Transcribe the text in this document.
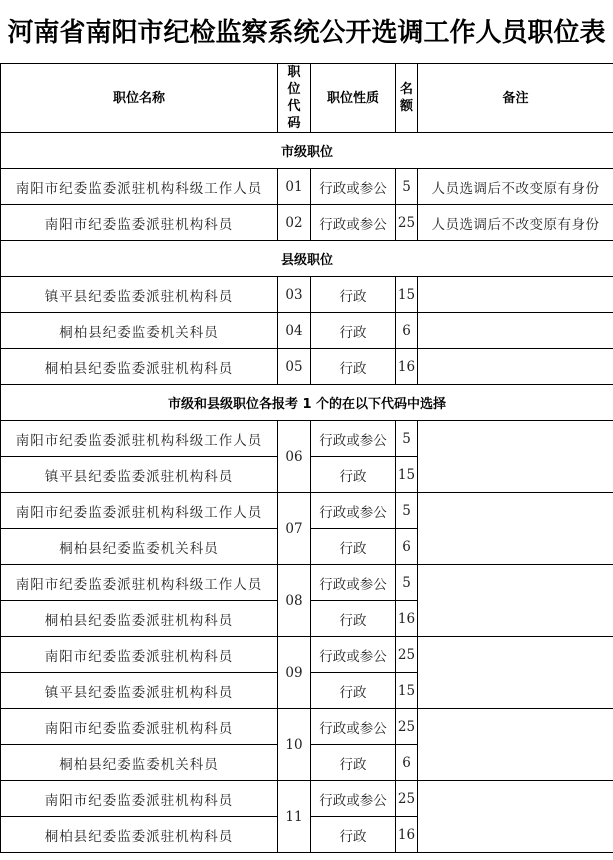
河南省南阳市纪检监察系统公开选调工作人员职位表
职位名称	职位代码	职位性质	名额	备注
市级职位				
南阳市纪委监委派驻机构科级工作人员	01	行政或参公	5	人员选调后不改变原有身份
南阳市纪委监委派驻机构科员	02	行政或参公	25	人员选调后不改变原有身份
县级职位				
镇平县纪委监委派驻机构科员	03	行政	15	
桐柏县纪委监委机关科员	04	行政	6	
桐柏县纪委监委派驻机构科员	05	行政	16	
市级和县级职位各报考 1 个的在以下代码中选择				
南阳市纪委监委派驻机构科级工作人员	06	行政或参公	5	
镇平县纪委监委派驻机构科员		行政	15	
南阳市纪委监委派驻机构科级工作人员	07	行政或参公	5	
桐柏县纪委监委机关科员		行政	6	
南阳市纪委监委派驻机构科级工作人员	08	行政或参公	5	
桐柏县纪委监委派驻机构科员		行政	16	
南阳市纪委监委派驻机构科员	09	行政或参公	25	
镇平县纪委监委派驻机构科员		行政	15	
南阳市纪委监委派驻机构科员	10	行政或参公	25	
桐柏县纪委监委机关科员		行政	6	
南阳市纪委监委派驻机构科员	11	行政或参公	25	
桐柏县纪委监委派驻机构科员		行政	16	
